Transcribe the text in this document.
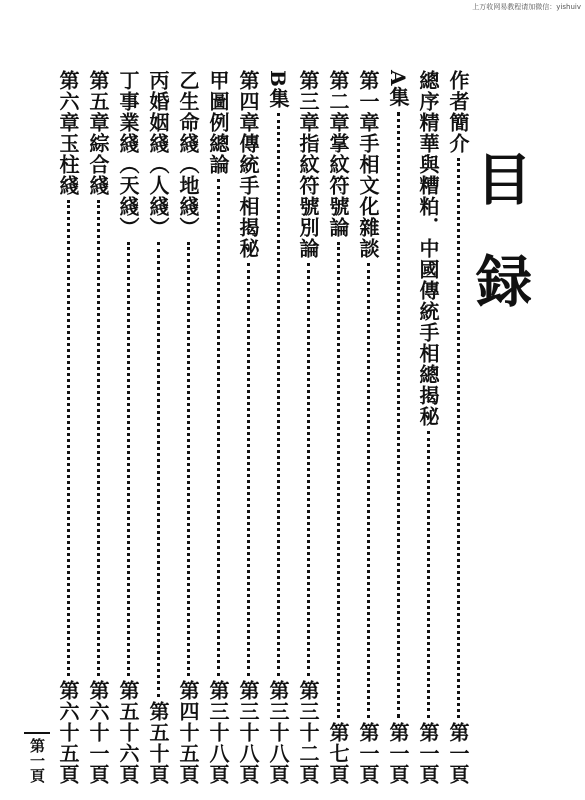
上万收网易教程请加微信：yishuiv
目録
作者簡介
第一頁
總序精華與糟粕．中國傳統手相總揭秘
第一頁
A集
第一頁
第一章手相文化雜談
第一頁
第二章掌紋符號論
第七頁
第三章指紋符號別論
第三十二頁
B集
第三十八頁
第四章傳統手相揭秘
第三十八頁
甲圖例總論
第三十八頁
乙生命綫（地綫）
第四十五頁
丙婚姻綫（人綫）
第五十頁
丁事業綫（天綫）
第五十六頁
第五章綜合綫
第六十一頁
第六章玉柱綫
第六十五頁
第一頁
